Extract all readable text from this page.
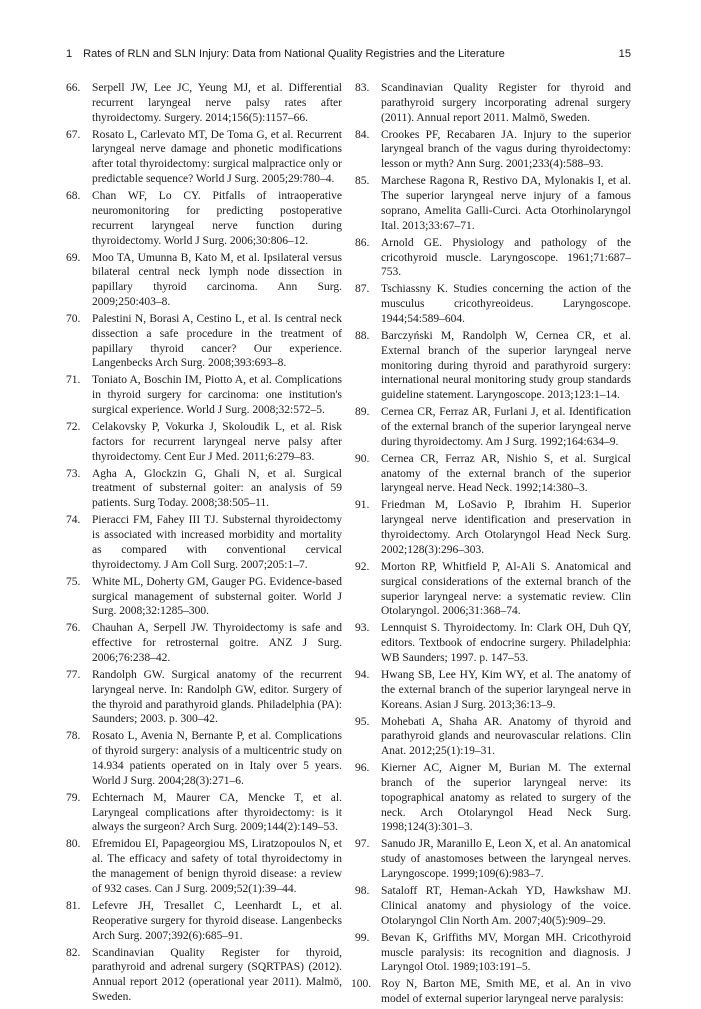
1 Rates of RLN and SLN Injury: Data from National Quality Registries and the Literature	15
66. Serpell JW, Lee JC, Yeung MJ, et al. Differential recurrent laryngeal nerve palsy rates after thyroidectomy. Surgery. 2014;156(5):1157–66.
67. Rosato L, Carlevato MT, De Toma G, et al. Recurrent laryngeal nerve damage and phonetic modifications after total thyroidectomy: surgical malpractice only or predictable sequence? World J Surg. 2005;29:780–4.
68. Chan WF, Lo CY. Pitfalls of intraoperative neuromonitoring for predicting postoperative recurrent laryngeal nerve function during thyroidectomy. World J Surg. 2006;30:806–12.
69. Moo TA, Umunna B, Kato M, et al. Ipsilateral versus bilateral central neck lymph node dissection in papillary thyroid carcinoma. Ann Surg. 2009;250:403–8.
70. Palestini N, Borasi A, Cestino L, et al. Is central neck dissection a safe procedure in the treatment of papillary thyroid cancer? Our experience. Langenbecks Arch Surg. 2008;393:693–8.
71. Toniato A, Boschin IM, Piotto A, et al. Complications in thyroid surgery for carcinoma: one institution's surgical experience. World J Surg. 2008;32:572–5.
72. Celakovsky P, Vokurka J, Skoloudik L, et al. Risk factors for recurrent laryngeal nerve palsy after thyroidectomy. Cent Eur J Med. 2011;6:279–83.
73. Agha A, Glockzin G, Ghali N, et al. Surgical treatment of substernal goiter: an analysis of 59 patients. Surg Today. 2008;38:505–11.
74. Pieracci FM, Fahey III TJ. Substernal thyroidectomy is associated with increased morbidity and mortality as compared with conventional cervical thyroidectomy. J Am Coll Surg. 2007;205:1–7.
75. White ML, Doherty GM, Gauger PG. Evidence-based surgical management of substernal goiter. World J Surg. 2008;32:1285–300.
76. Chauhan A, Serpell JW. Thyroidectomy is safe and effective for retrosternal goitre. ANZ J Surg. 2006;76:238–42.
77. Randolph GW. Surgical anatomy of the recurrent laryngeal nerve. In: Randolph GW, editor. Surgery of the thyroid and parathyroid glands. Philadelphia (PA): Saunders; 2003. p. 300–42.
78. Rosato L, Avenia N, Bernante P, et al. Complications of thyroid surgery: analysis of a multicentric study on 14.934 patients operated on in Italy over 5 years. World J Surg. 2004;28(3):271–6.
79. Echternach M, Maurer CA, Mencke T, et al. Laryngeal complications after thyroidectomy: is it always the surgeon? Arch Surg. 2009;144(2):149–53.
80. Efremidou EI, Papageorgiou MS, Liratzopoulos N, et al. The efficacy and safety of total thyroidectomy in the management of benign thyroid disease: a review of 932 cases. Can J Surg. 2009;52(1):39–44.
81. Lefevre JH, Tresallet C, Leenhardt L, et al. Reoperative surgery for thyroid disease. Langenbecks Arch Surg. 2007;392(6):685–91.
82. Scandinavian Quality Register for thyroid, parathyroid and adrenal surgery (SQRTPAS) (2012). Annual report 2012 (operational year 2011). Malmö, Sweden.
83. Scandinavian Quality Register for thyroid and parathyroid surgery incorporating adrenal surgery (2011). Annual report 2011. Malmö, Sweden.
84. Crookes PF, Recabaren JA. Injury to the superior laryngeal branch of the vagus during thyroidectomy: lesson or myth? Ann Surg. 2001;233(4):588–93.
85. Marchese Ragona R, Restivo DA, Mylonakis I, et al. The superior laryngeal nerve injury of a famous soprano, Amelita Galli-Curci. Acta Otorhinolaryngol Ital. 2013;33:67–71.
86. Arnold GE. Physiology and pathology of the cricothyroid muscle. Laryngoscope. 1961;71:687–753.
87. Tschiassny K. Studies concerning the action of the musculus cricothyreoideus. Laryngoscope. 1944;54:589–604.
88. Barczyński M, Randolph W, Cernea CR, et al. External branch of the superior laryngeal nerve monitoring during thyroid and parathyroid surgery: international neural monitoring study group standards guideline statement. Laryngoscope. 2013;123:1–14.
89. Cernea CR, Ferraz AR, Furlani J, et al. Identification of the external branch of the superior laryngeal nerve during thyroidectomy. Am J Surg. 1992;164:634–9.
90. Cernea CR, Ferraz AR, Nishio S, et al. Surgical anatomy of the external branch of the superior laryngeal nerve. Head Neck. 1992;14:380–3.
91. Friedman M, LoSavio P, Ibrahim H. Superior laryngeal nerve identification and preservation in thyroidectomy. Arch Otolaryngol Head Neck Surg. 2002;128(3):296–303.
92. Morton RP, Whitfield P, Al-Ali S. Anatomical and surgical considerations of the external branch of the superior laryngeal nerve: a systematic review. Clin Otolaryngol. 2006;31:368–74.
93. Lennquist S. Thyroidectomy. In: Clark OH, Duh QY, editors. Textbook of endocrine surgery. Philadelphia: WB Saunders; 1997. p. 147–53.
94. Hwang SB, Lee HY, Kim WY, et al. The anatomy of the external branch of the superior laryngeal nerve in Koreans. Asian J Surg. 2013;36:13–9.
95. Mohebati A, Shaha AR. Anatomy of thyroid and parathyroid glands and neurovascular relations. Clin Anat. 2012;25(1):19–31.
96. Kierner AC, Aigner M, Burian M. The external branch of the superior laryngeal nerve: its topographical anatomy as related to surgery of the neck. Arch Otolaryngol Head Neck Surg. 1998;124(3):301–3.
97. Sanudo JR, Maranillo E, Leon X, et al. An anatomical study of anastomoses between the laryngeal nerves. Laryngoscope. 1999;109(6):983–7.
98. Sataloff RT, Heman-Ackah YD, Hawkshaw MJ. Clinical anatomy and physiology of the voice. Otolaryngol Clin North Am. 2007;40(5):909–29.
99. Bevan K, Griffiths MV, Morgan MH. Cricothyroid muscle paralysis: its recognition and diagnosis. J Laryngol Otol. 1989;103:191–5.
100. Roy N, Barton ME, Smith ME, et al. An in vivo model of external superior laryngeal nerve paralysis:
